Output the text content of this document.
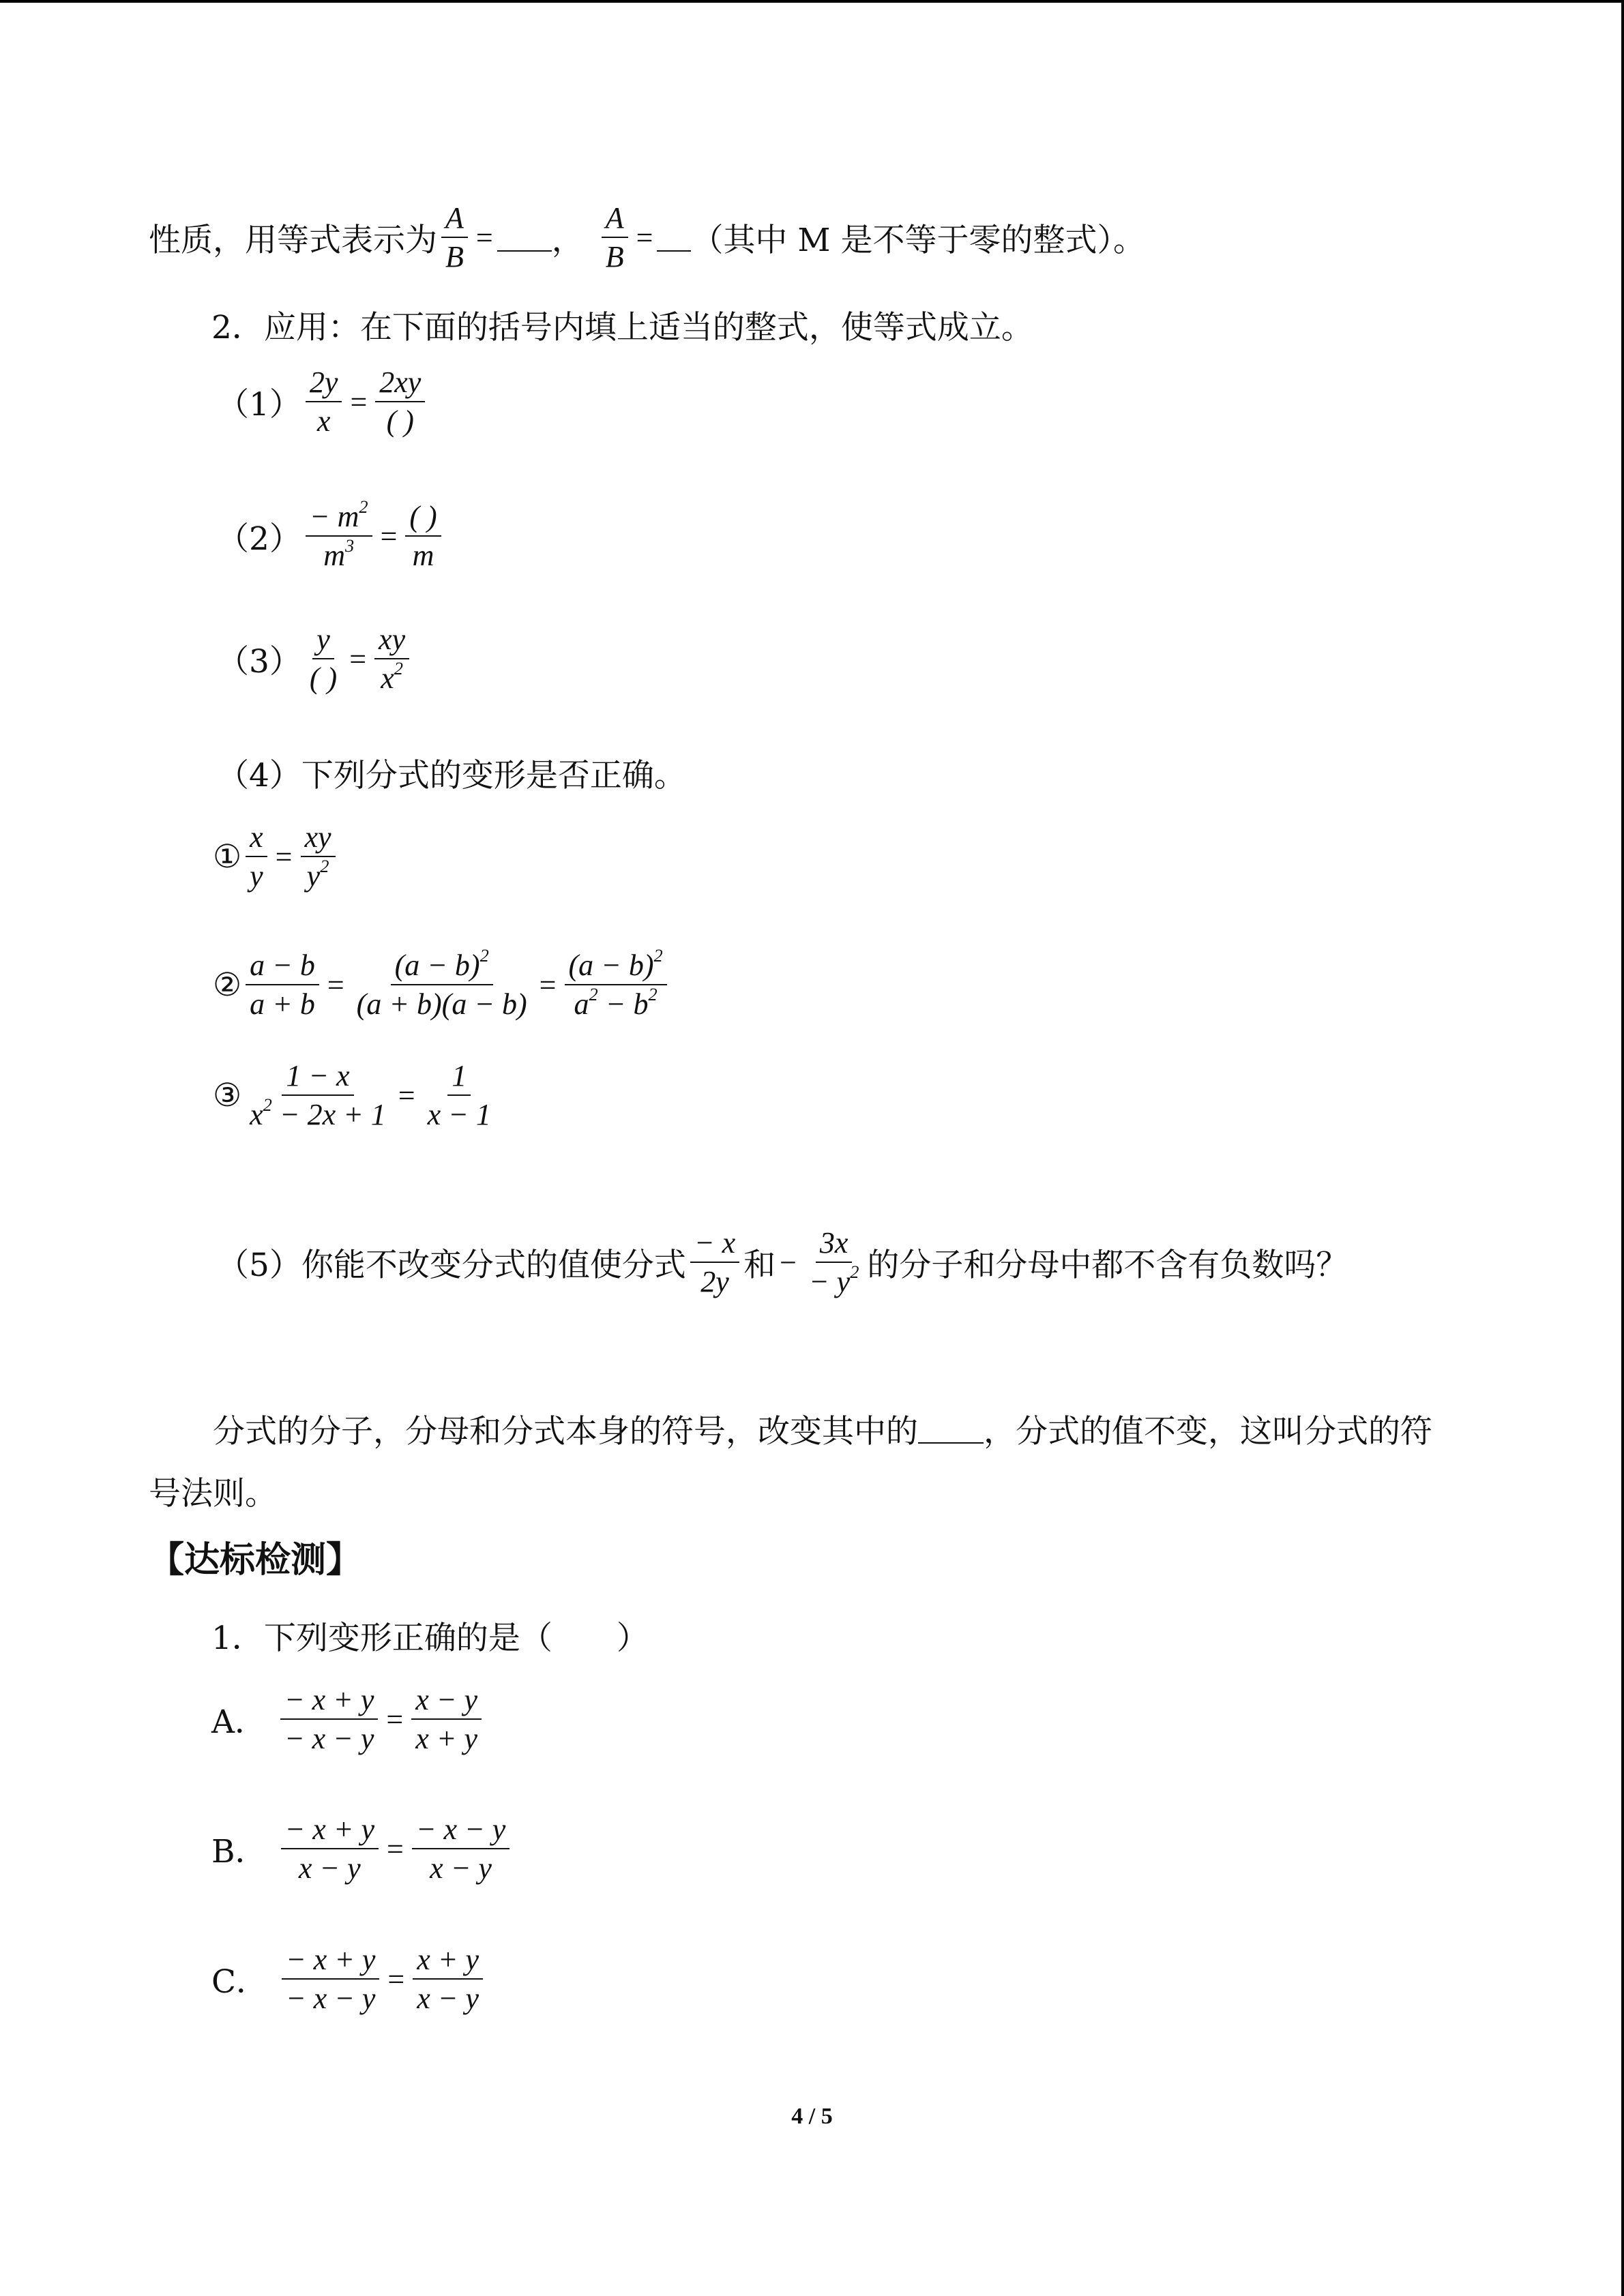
性质，用等式表示为 $\frac{A}{B}$ = ， $\frac{A}{B}$ = （其中 M 是不等于零的整式）。
2．应用：在下面的括号内填上适当的整式，使等式成立。
$(1) \frac{2y}{x} = \frac{2xy}{( )}$
$(2) \frac{- m^2}{m^3} = \frac{( )}{m}$
$(3) \frac{y}{( )} = \frac{xy}{x^2}$
（4）下列分式的变形是否正确。
① $\frac{x}{y} = \frac{xy}{y^2}$
② $\frac{a - b}{a + b} = \frac{(a - b)^2}{(a + b)(a - b)} = \frac{(a - b)^2}{a^2 - b^2}$
③ $\frac{1 - x}{x^2 - 2x + 1} = \frac{1}{x - 1}$
（5）你能不改变分式的值使分式 $\frac{- x}{2y}$ 和 − $\frac{3x}{- y^2}$ 的分子和分母中都不含有负数吗？
分式的分子，分母和分式本身的符号，改变其中的 ，分式的值不变，这叫分式的符
号法则。
【达标检测】
1．下列变形正确的是（　　）
A． $\frac{- x + y}{- x - y} = \frac{x - y}{x + y}$
B． $\frac{- x + y}{x - y} = \frac{- x - y}{x - y}$
C． $\frac{- x + y}{- x - y} = \frac{x + y}{x - y}$
4 / 5
